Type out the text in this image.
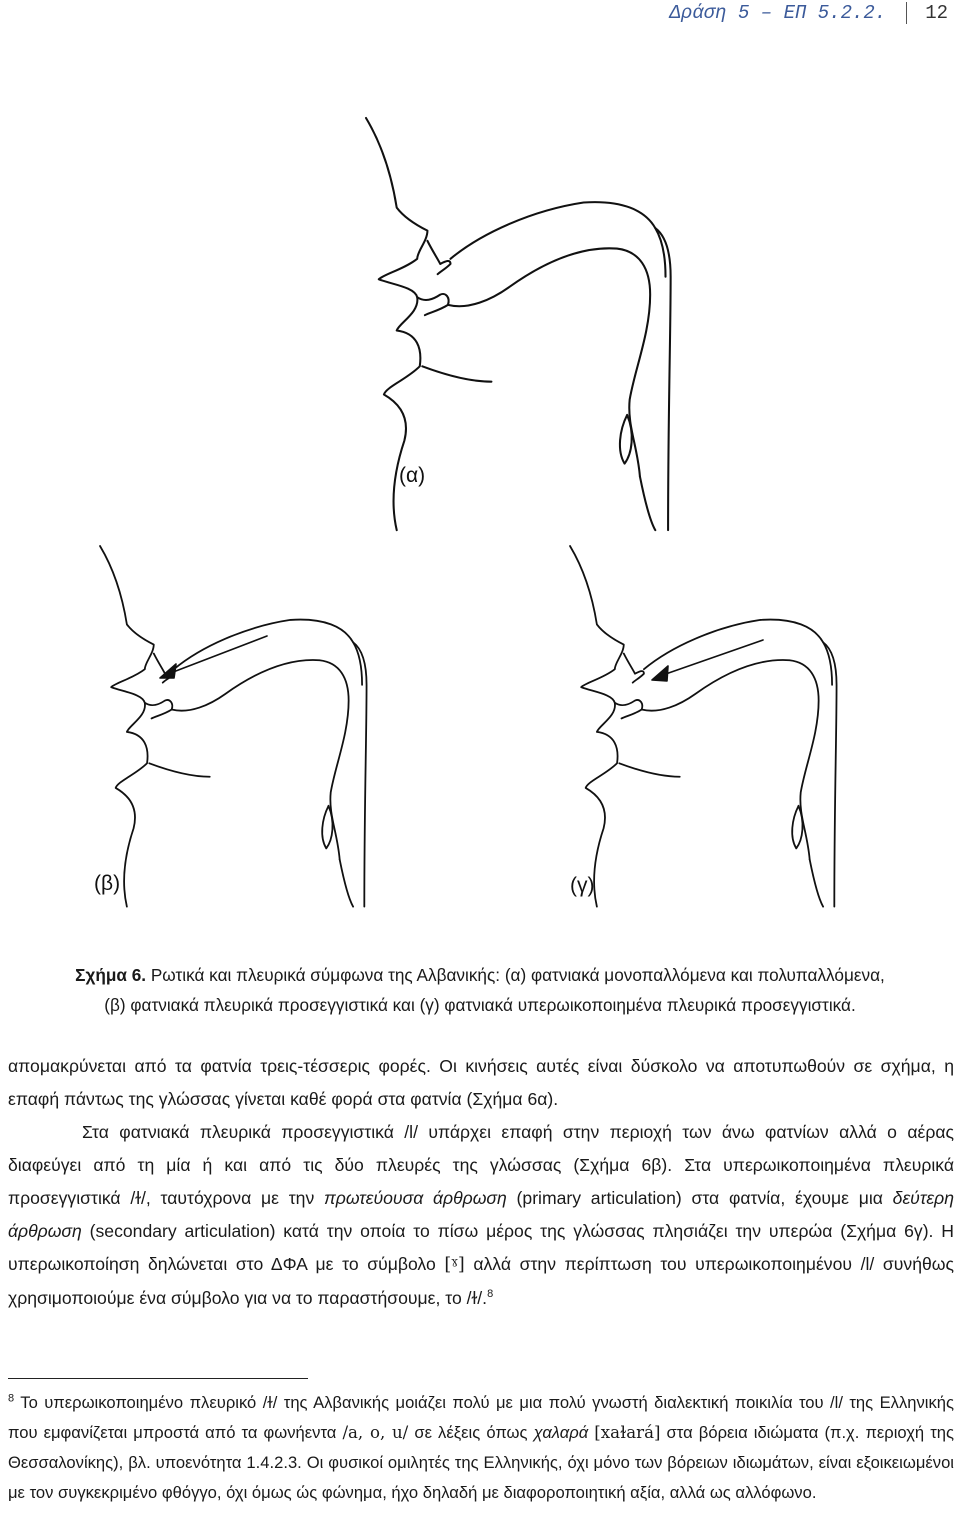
Δράση 5 – ΕΠ 5.2.2. 12
(α)
(β)	(γ)
Σχήμα 6. Ρωτικά και πλευρικά σύμφωνα της Αλβανικής: (α) φατνιακά μονοπαλλόμενα και πολυπαλλόμενα,
(β) φατνιακά πλευρικά προσεγγιστικά και (γ) φατνιακά υπερωικοποιημένα πλευρικά προσεγγιστικά.

απομακρύνεται από τα φατνία τρεις-τέσσερις φορές. Οι κινήσεις αυτές είναι δύσκολο να αποτυπωθούν σε σχήμα, η επαφή πάντως της γλώσσας γίνεται καθέ φορά στα φατνία (Σχήμα 6α).

Στα φατνιακά πλευρικά προσεγγιστικά /l/ υπάρχει επαφή στην περιοχή των άνω φατνίων αλλά ο αέρας διαφεύγει από τη μία ή και από τις δύο πλευρές της γλώσσας (Σχήμα 6β). Στα υπερωικοποιημένα πλευρικά προσεγγιστικά /ɫ/, ταυτόχρονα με την πρωτεύουσα άρθρωση (primary articulation) στα φατνία, έχουμε μια δεύτερη άρθρωση (secondary articulation) κατά την οποία το πίσω μέρος της γλώσσας πλησιάζει την υπερώα (Σχήμα 6γ). Η υπερωικοποίηση δηλώνεται στο ΔΦΑ με το σύμβολο [ˠ] αλλά στην περίπτωση του υπερωικοποιημένου /l/ συνήθως χρησιμοποιούμε ένα σύμβολο για να το παραστήσουμε, το /ɫ/.$^8$

$^8$ Το υπερωικοποιημένο πλευρικό /ɫ/ της Αλβανικής μοιάζει πολύ με μια πολύ γνωστή διαλεκτική ποικιλία του /l/ της Ελληνικής που εμφανίζεται μπροστά από τα φωνήεντα /a, o, u/ σε λέξεις όπως χαλαρά [xaɫará] στα βόρεια ιδιώματα (π.χ. περιοχή της Θεσσαλονίκης), βλ. υποενότητα 1.4.2.3. Οι φυσικοί ομιλητές της Ελληνικής, όχι μόνο των βόρειων ιδιωμάτων, είναι εξοικειωμένοι με τον συγκεκριμένο φθόγγο, όχι όμως ώς φώνημα, ήχο δηλαδή με διαφοροποιητική αξία, αλλά ως αλλόφωνο.
